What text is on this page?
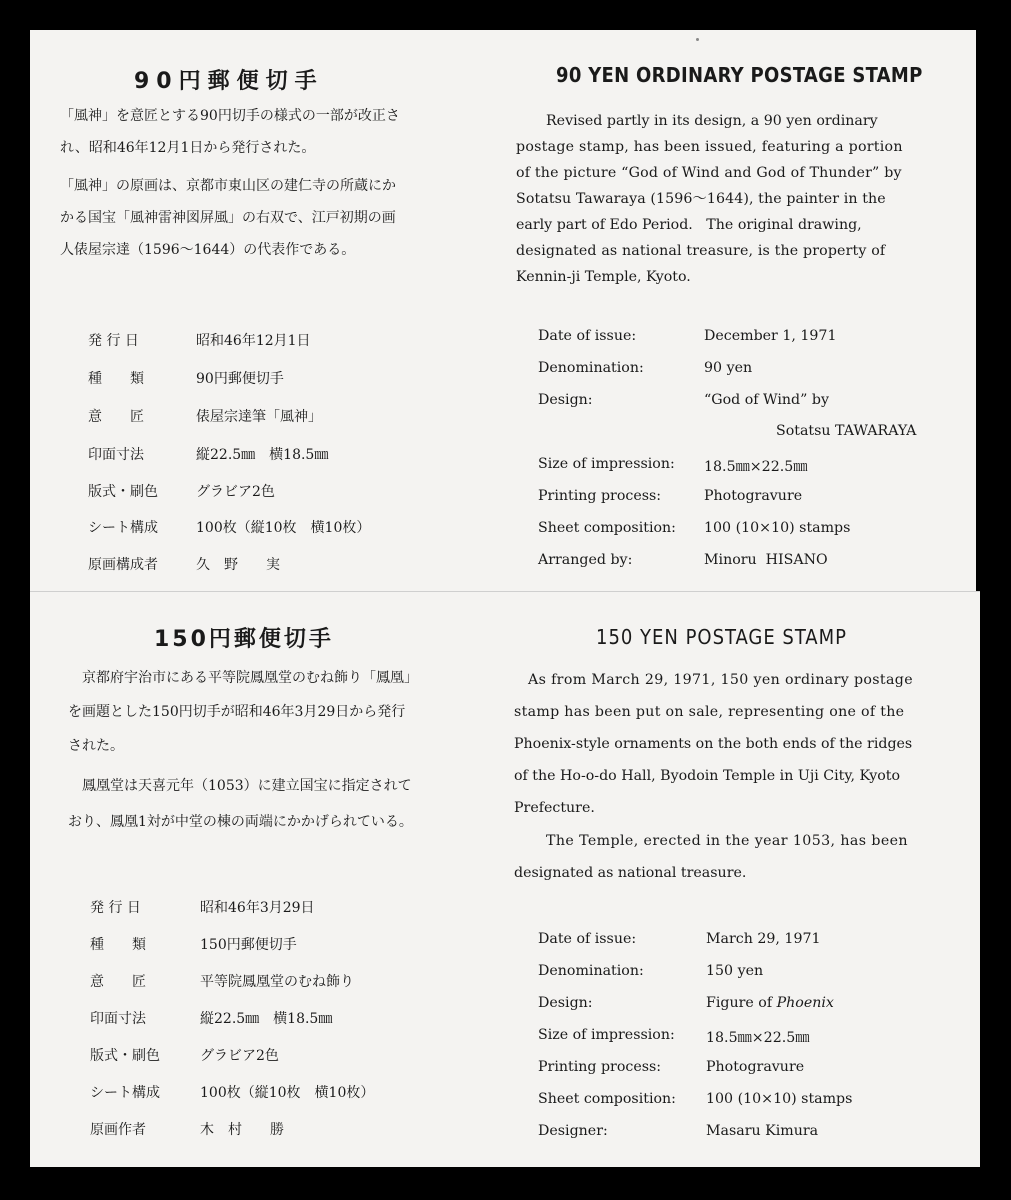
90円郵便切手

「風神」を意匠とする90円切手の様式の一部が改正さ

れ、昭和46年12月1日から発行された。

「風神」の原画は、京都市東山区の建仁寺の所蔵にか

かる国宝「風神雷神図屏風」の右双で、江戸初期の画

人俵屋宗達（1596～1644）の代表作である。

発 行 日	昭和46年12月1日
種　　類	90円郵便切手
意　　匠	俵屋宗達筆「風神」
印面寸法	縦22.5㎜　横18.5㎜
版式・刷色	グラビア2色
シート構成	100枚（縦10枚　横10枚）
原画構成者	久　野　　実
90 YEN ORDINARY POSTAGE STAMP
Revised partly in its design, a 90 yen ordinary
postage stamp, has been issued, featuring a portion
of the picture “God of Wind and God of Thunder” by
Sotatsu Tawaraya (1596～1644), the painter in the
early part of Edo Period.   The original drawing,
designated as national treasure, is the property of
Kennin-ji Temple, Kyoto.
Date of issue:	December 1, 1971
Denomination:	90 yen
Design:	“God of Wind” by
Sotatsu TAWARAYA
Size of impression: 18.5㎜×22.5㎜
Printing process:	Photogravure
Sheet composition: 100 (10×10) stamps
Arranged by:	Minoru  HISANO
150円郵便切手

京都府宇治市にある平等院鳳凰堂のむね飾り「鳳凰」

を画題とした150円切手が昭和46年3月29日から発行

された。

鳳凰堂は天喜元年（1053）に建立国宝に指定されて

おり、鳳凰1対が中堂の棟の両端にかかげられている。

発 行 日	昭和46年3月29日
種　　類	150円郵便切手
意　　匠	平等院鳳凰堂のむね飾り
印面寸法	縦22.5㎜　横18.5㎜
版式・刷色	グラビア2色
シート構成	100枚（縦10枚　横10枚）
原画作者	木　村　　勝
150 YEN POSTAGE STAMP
As from March 29, 1971, 150 yen ordinary postage
stamp has been put on sale, representing one of the
Phoenix-style ornaments on the both ends of the ridges
of the Ho-o-do Hall, Byodoin Temple in Uji City, Kyoto
Prefecture.
The Temple, erected in the year 1053, has been
designated as national treasure.
Date of issue:	March 29, 1971
Denomination:	150 yen
Design:	Figure of Phoenix
Size of impression: 18.5㎜×22.5㎜
Printing process:	Photogravure
Sheet composition: 100 (10×10) stamps
Designer:	Masaru Kimura
